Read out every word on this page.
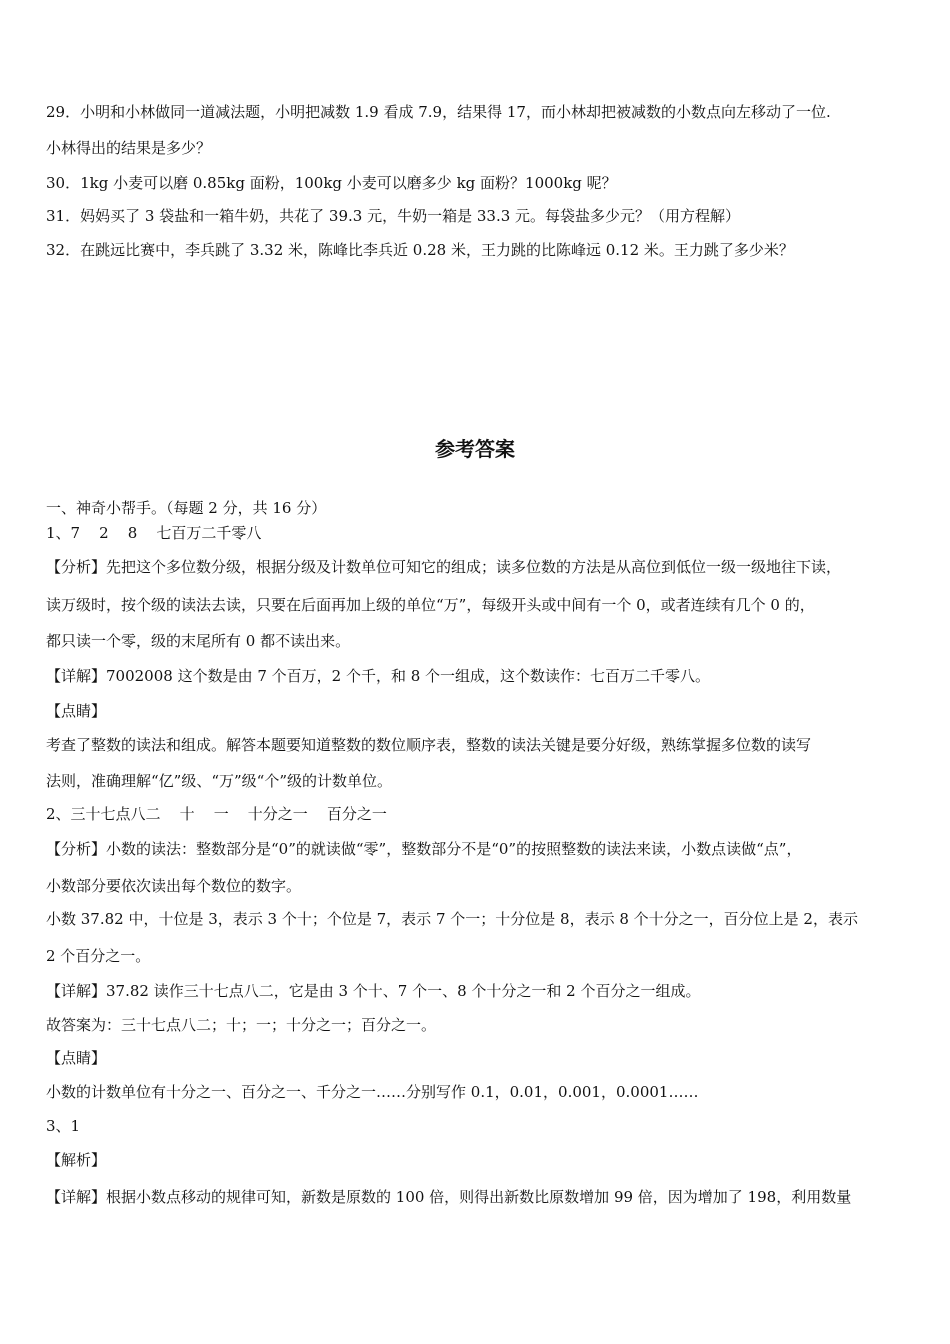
29．小明和小林做同一道减法题，小明把减数 1.9 看成 7.9，结果得 17，而小林却把被减数的小数点向左移动了一位.
小林得出的结果是多少？
30．1kg 小麦可以磨 0.85kg 面粉，100kg 小麦可以磨多少 kg 面粉？1000kg 呢？
31．妈妈买了 3 袋盐和一箱牛奶，共花了 39.3 元，牛奶一箱是 33.3 元。每袋盐多少元？（用方程解）
32．在跳远比赛中，李兵跳了 3.32 米，陈峰比李兵近 0.28 米，王力跳的比陈峰远 0.12 米。王力跳了多少米？
参考答案
一、神奇小帮手。（每题 2 分，共 16 分）
1、7    2    8    七百万二千零八
【分析】先把这个多位数分级，根据分级及计数单位可知它的组成；读多位数的方法是从高位到低位一级一级地往下读，
读万级时，按个级的读法去读，只要在后面再加上级的单位“万”，每级开头或中间有一个 0，或者连续有几个 0 的，
都只读一个零，级的末尾所有 0 都不读出来。
【详解】7002008 这个数是由 7 个百万，2 个千，和 8 个一组成，这个数读作：七百万二千零八。
【点睛】
考查了整数的读法和组成。解答本题要知道整数的数位顺序表，整数的读法关键是要分好级，熟练掌握多位数的读写
法则，准确理解“亿”级、“万”级“个”级的计数单位。
2、三十七点八二    十    一    十分之一    百分之一
【分析】小数的读法：整数部分是“0”的就读做“零”，整数部分不是“0”的按照整数的读法来读，小数点读做“点”，
小数部分要依次读出每个数位的数字。
小数 37.82 中，十位是 3，表示 3 个十；个位是 7，表示 7 个一；十分位是 8，表示 8 个十分之一，百分位上是 2，表示
2 个百分之一。
【详解】37.82 读作三十七点八二，它是由 3 个十、7 个一、8 个十分之一和 2 个百分之一组成。
故答案为：三十七点八二；十；一；十分之一；百分之一。
【点睛】
小数的计数单位有十分之一、百分之一、千分之一……分别写作 0.1，0.01，0.001，0.0001……
3、1
【解析】
【详解】根据小数点移动的规律可知，新数是原数的 100 倍，则得出新数比原数增加 99 倍，因为增加了 198，利用数量
